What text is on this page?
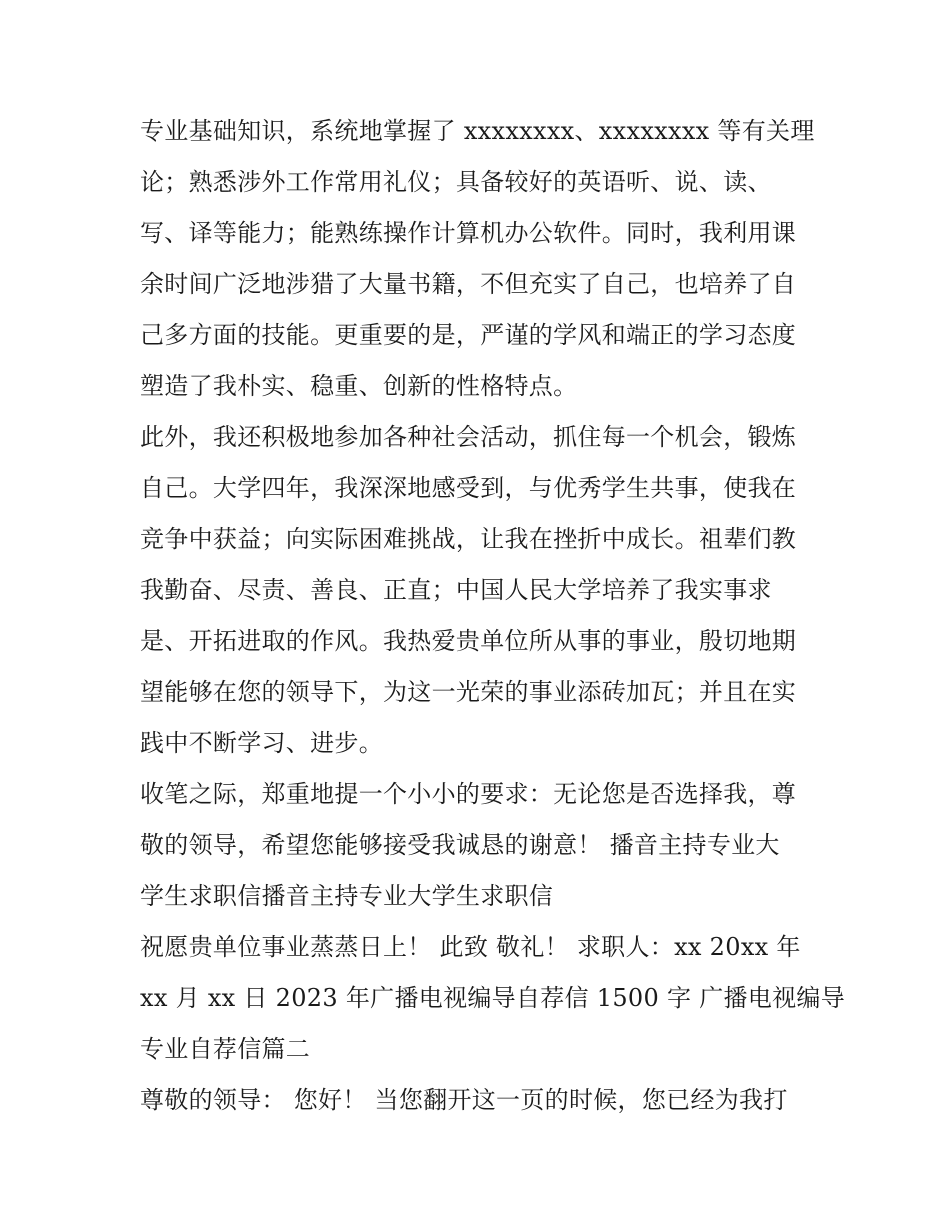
专业基础知识，系统地掌握了 xxxxxxxx、xxxxxxxx 等有关理
论；熟悉涉外工作常用礼仪；具备较好的英语听、说、读、
写、译等能力；能熟练操作计算机办公软件。同时，我利用课
余时间广泛地涉猎了大量书籍，不但充实了自己，也培养了自
己多方面的技能。更重要的是，严谨的学风和端正的学习态度
塑造了我朴实、稳重、创新的性格特点。
此外，我还积极地参加各种社会活动，抓住每一个机会，锻炼
自己。大学四年，我深深地感受到，与优秀学生共事，使我在
竞争中获益；向实际困难挑战，让我在挫折中成长。祖辈们教
我勤奋、尽责、善良、正直；中国人民大学培养了我实事求
是、开拓进取的作风。我热爱贵单位所从事的事业，殷切地期
望能够在您的领导下，为这一光荣的事业添砖加瓦；并且在实
践中不断学习、进步。
收笔之际，郑重地提一个小小的要求：无论您是否选择我，尊
敬的领导，希望您能够接受我诚恳的谢意！ 播音主持专业大
学生求职信播音主持专业大学生求职信
祝愿贵单位事业蒸蒸日上！ 此致 敬礼！ 求职人：xx 20xx 年
xx 月 xx 日 2023 年广播电视编导自荐信 1500 字 广播电视编导
专业自荐信篇二
尊敬的领导： 您好！ 当您翻开这一页的时候，您已经为我打
